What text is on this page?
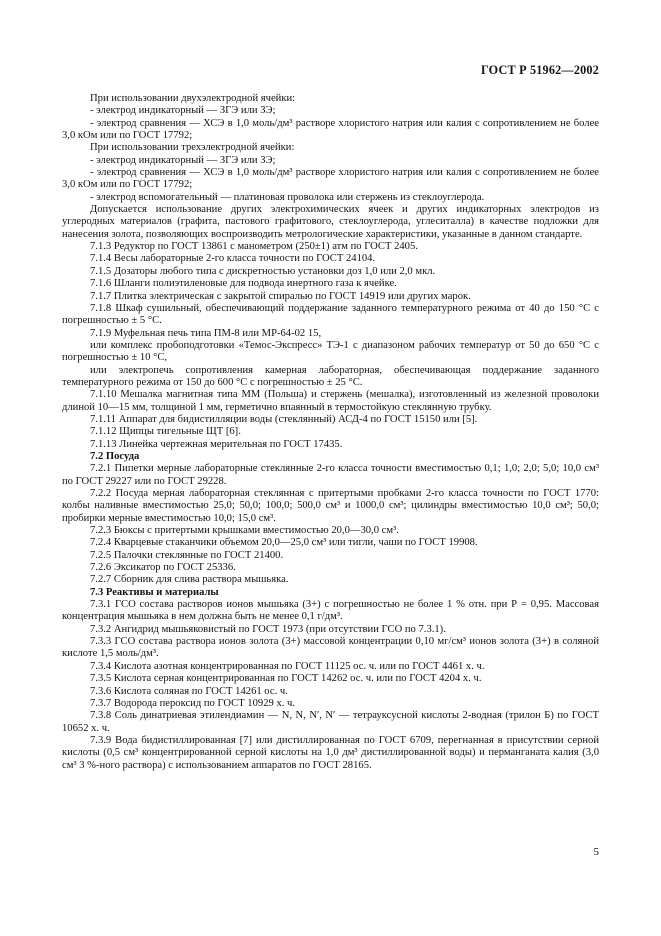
ГОСТ Р 51962—2002

При использовании двухэлектродной ячейки:

- электрод индикаторный — ЗГЭ или ЗЭ;

- электрод сравнения — ХСЭ в 1,0 моль/дм³ растворе хлористого натрия или калия с сопротивлением не более 3,0 кОм или по ГОСТ 17792;

При использовании трехэлектродной ячейки:

- электрод индикаторный — ЗГЭ или ЗЭ;

- электрод сравнения — ХСЭ в 1,0 моль/дм³ растворе хлористого натрия или калия с сопротивлением не более 3,0 кОм или по ГОСТ 17792;

- электрод вспомогательный — платиновая проволока или стержень из стеклоуглерода.

Допускается использование других электрохимических ячеек и других индикаторных электродов из углеродных материалов (графита, пастового графитового, стеклоуглерода, углеситалла) в качестве подложки для нанесения золота, позволяющих воспроизводить метрологические характеристики, указанные в данном стандарте.

7.1.3 Редуктор по ГОСТ 13861 с манометром (250±1) атм по ГОСТ 2405.

7.1.4 Весы лабораторные 2-го класса точности по ГОСТ 24104.

7.1.5 Дозаторы любого типа с дискретностью установки доз 1,0 или 2,0 мкл.

7.1.6 Шланги полиэтиленовые для подвода инертного газа к ячейке.

7.1.7 Плитка электрическая с закрытой спиралью по ГОСТ 14919 или других марок.

7.1.8 Шкаф сушильный, обеспечивающий поддержание заданного температурного режима от 40 до 150 °С с погрешностью ± 5 °С.

7.1.9 Муфельная печь типа ПМ-8 или МР-64-02 15,

или комплекс пробоподготовки «Темос-Экспресс» ТЭ-1 с диапазоном рабочих температур от 50 до 650 °С с погрешностью ± 10 °С,

или электропечь сопротивления камерная лабораторная, обеспечивающая поддержание заданного температурного режима от 150 до 600 °С с погрешностью ± 25 °С.

7.1.10 Мешалка магнитная типа ММ (Польша) и стержень (мешалка), изготовленный из железной проволоки длиной 10—15 мм, толщиной 1 мм, герметично впаянный в термостойкую стеклянную трубку.

7.1.11 Аппарат для бидистилляции воды (стеклянный) АСД-4 по ГОСТ 15150 или [5].

7.1.12 Щипцы тигельные ЩТ [6].

7.1.13 Линейка чертежная мерительная по ГОСТ 17435.

7.2 Посуда

7.2.1 Пипетки мерные лабораторные стеклянные 2-го класса точности вместимостью 0,1; 1,0; 2,0; 5,0; 10,0 см³ по ГОСТ 29227 или по ГОСТ 29228.

7.2.2 Посуда мерная лабораторная стеклянная с притертыми пробками 2-го класса точности по ГОСТ 1770: колбы наливные вместимостью 25,0; 50,0; 100,0; 500,0 см³ и 1000,0 см³; цилиндры вместимостью 10,0 см³; 50,0; пробирки мерные вместимостью 10,0; 15,0 см³.

7.2.3 Бюксы с притертыми крышками вместимостью 20,0—30,0 см³.

7.2.4 Кварцевые стаканчики объемом 20,0—25,0 см³ или тигли, чаши по ГОСТ 19908.

7.2.5 Палочки стеклянные по ГОСТ 21400.

7.2.6 Эксикатор по ГОСТ 25336.

7.2.7 Сборник для слива раствора мышьяка.

7.3 Реактивы и материалы

7.3.1 ГСО состава растворов ионов мышьяка (3+) с погрешностью не более 1 % отн. при Р = 0,95. Массовая концентрация мышьяка в нем должна быть не менее 0,1 г/дм³.

7.3.2 Ангидрид мышьяковистый по ГОСТ 1973 (при отсутствии ГСО по 7.3.1).

7.3.3 ГСО состава раствора ионов золота (3+) массовой концентрации 0,10 мг/см³ ионов золота (3+) в соляной кислоте 1,5 моль/дм³.

7.3.4 Кислота азотная концентрированная по ГОСТ 11125 ос. ч. или по ГОСТ 4461 х. ч.

7.3.5 Кислота серная концентрированная по ГОСТ 14262 ос. ч. или по ГОСТ 4204 х. ч.

7.3.6 Кислота соляная по ГОСТ 14261 ос. ч.

7.3.7 Водорода пероксид по ГОСТ 10929 х. ч.

7.3.8 Соль динатриевая этилендиамин — N, N, N′, N′ — тетрауксусной кислоты 2-водная (трилон Б) по ГОСТ 10652 х. ч.

7.3.9 Вода бидистиллированная [7] или дистиллированная по ГОСТ 6709, перегнанная в присутствии серной кислоты (0,5 см³ концентрированной серной кислоты на 1,0 дм³ дистиллированной воды) и перманганата калия (3,0 см³ 3 %-ного раствора) с использованием аппаратов по ГОСТ 28165.

5
